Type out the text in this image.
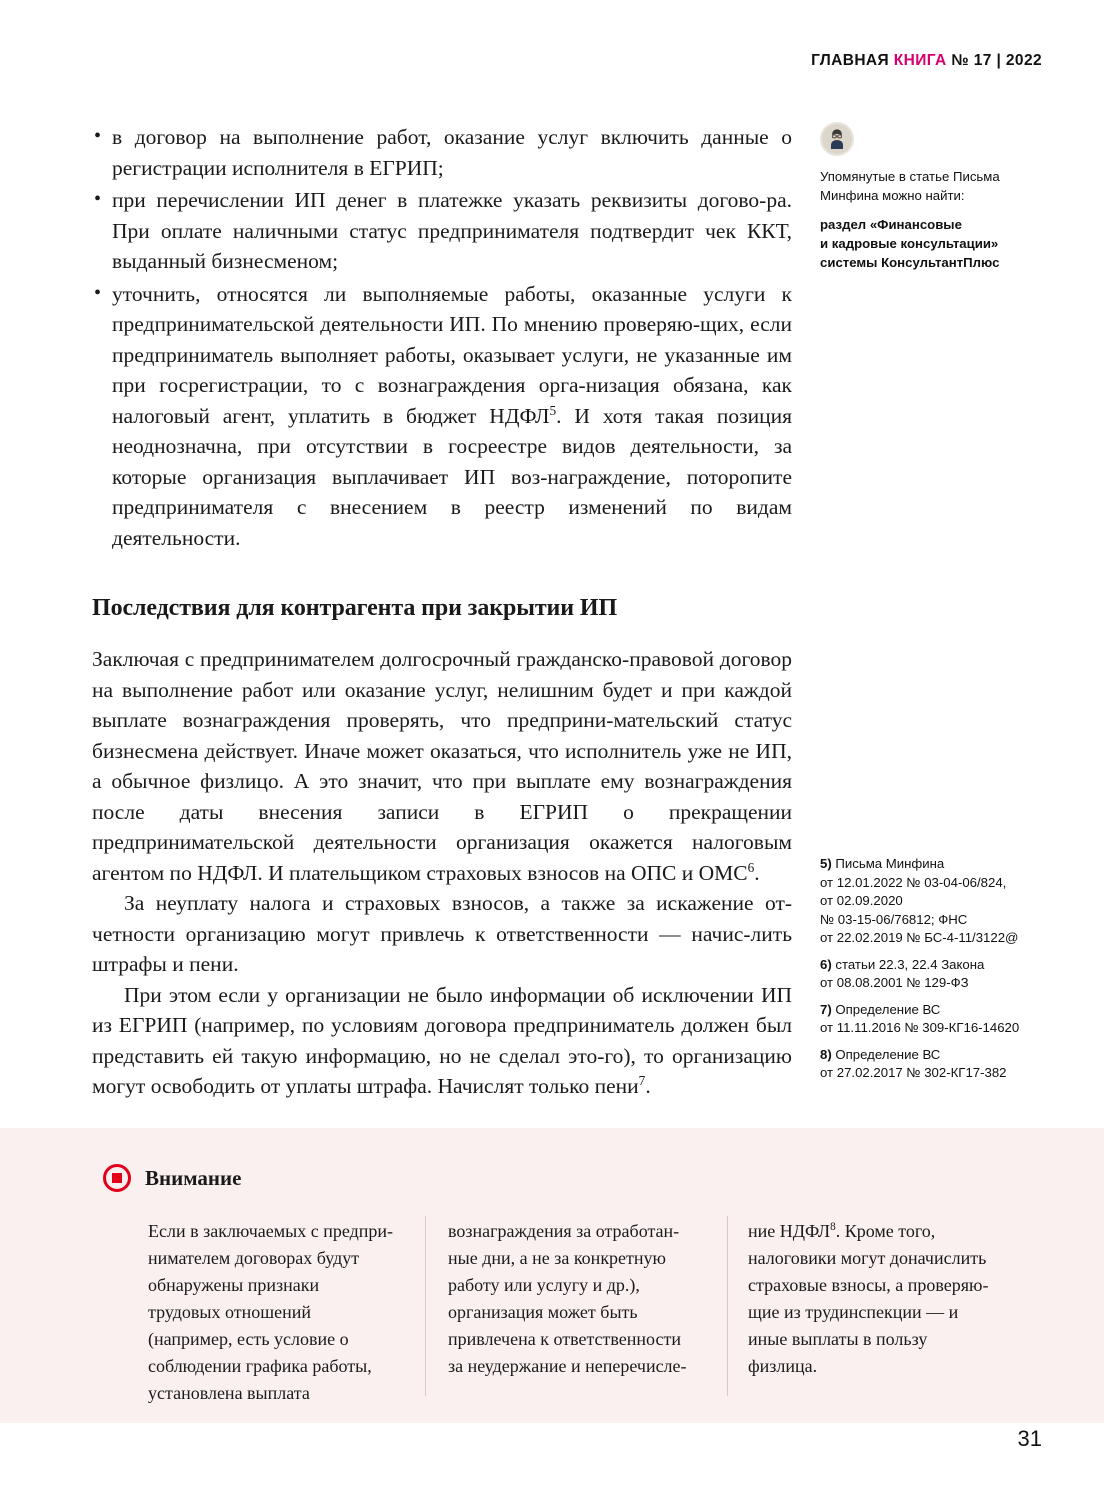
ГЛАВНАЯ КНИГА № 17 | 2022
• в договор на выполнение работ, оказание услуг включить данные о регистрации исполнителя в ЕГРИП;
• при перечислении ИП денег в платежке указать реквизиты догово-ра. При оплате наличными статус предпринимателя подтвердит чек ККТ, выданный бизнесменом;
• уточнить, относятся ли выполняемые работы, оказанные услуги к предпринимательской деятельности ИП. По мнению проверяю-щих, если предприниматель выполняет работы, оказывает услуги, не указанные им при госрегистрации, то с вознаграждения орга-низация обязана, как налоговый агент, уплатить в бюджет НДФЛ$^5$. И хотя такая позиция неоднозначна, при отсутствии в госреестре видов деятельности, за которые организация выплачивает ИП воз-награждение, поторопите предпринимателя с внесением в реестр изменений по видам деятельности.
Последствия для контрагента при закрытии ИП

Заключая с предпринимателем долгосрочный гражданско-правовой договор на выполнение работ или оказание услуг, нелишним будет и при каждой выплате вознаграждения проверять, что предприни-мательский статус бизнесмена действует. Иначе может оказаться, что исполнитель уже не ИП, а обычное физлицо. А это значит, что при выплате ему вознаграждения после даты внесения записи в ЕГРИП о прекращении предпринимательской деятельности организация окажется налоговым агентом по НДФЛ. И плательщиком страховых взносов на ОПС и ОМС$^6$.

За неуплату налога и страховых взносов, а также за искажение от-четности организацию могут привлечь к ответственности — начис-лить штрафы и пени.

При этом если у организации не было информации об исключении ИП из ЕГРИП (например, по условиям договора предприниматель должен был представить ей такую информацию, но не сделал это-го), то организацию могут освободить от уплаты штрафа. Начислят только пени$^7$.

Упомянутые в статье Письма Минфина можно найти:

раздел «Финансовые

и кадровые консультации»

системы КонсультантПлюс

5) Письма Минфина
от 12.01.2022 № 03-04-06/824,
от 02.09.2020
№ 03-15-06/76812; ФНС
от 22.02.2019 № БС-4-11/3122@
6) статьи 22.3, 22.4 Закона
от 08.08.2001 № 129-ФЗ
7) Определение ВС
от 11.11.2016 № 309-КГ16-14620
8) Определение ВС
от 27.02.2017 № 302-КГ17-382
Внимание

Если в заключаемых с предпри-нимателем договорах будут обнаружены признаки трудовых отношений (например, есть условие о соблюдении графика работы, установлена выплата

вознаграждения за отработан-ные дни, а не за конкретную работу или услугу и др.), организация может быть привлечена к ответственности за неудержание и неперечисле-

ние НДФЛ$^8$. Кроме того, налоговики могут доначислить страховые взносы, а проверяю-щие из трудинспекции — и иные выплаты в пользу физлица.

31
